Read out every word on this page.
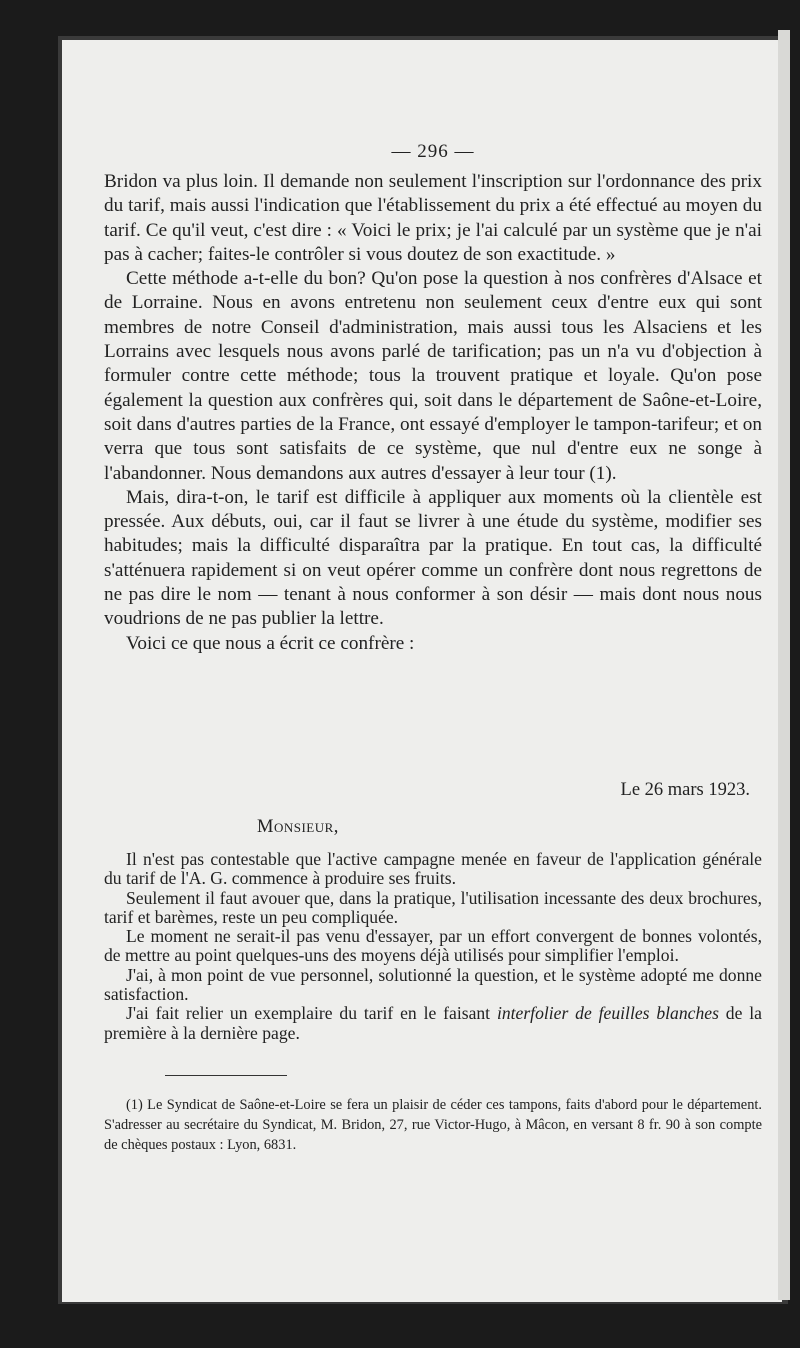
— 296 —

Bridon va plus loin. Il demande non seulement l'inscription sur l'ordonnance des prix du tarif, mais aussi l'indication que l'établissement du prix a été effectué au moyen du tarif. Ce qu'il veut, c'est dire : « Voici le prix; je l'ai calculé par un système que je n'ai pas à cacher; faites-le contrôler si vous doutez de son exactitude. »

Cette méthode a-t-elle du bon? Qu'on pose la question à nos confrères d'Alsace et de Lorraine. Nous en avons entretenu non seulement ceux d'entre eux qui sont membres de notre Conseil d'administration, mais aussi tous les Alsaciens et les Lorrains avec lesquels nous avons parlé de tarification; pas un n'a vu d'objection à formuler contre cette méthode; tous la trouvent pratique et loyale. Qu'on pose également la question aux confrères qui, soit dans le département de Saône-et-Loire, soit dans d'autres parties de la France, ont essayé d'employer le tampon-tarifeur; et on verra que tous sont satisfaits de ce système, que nul d'entre eux ne songe à l'abandonner. Nous demandons aux autres d'essayer à leur tour (1).

Mais, dira-t-on, le tarif est difficile à appliquer aux moments où la clientèle est pressée. Aux débuts, oui, car il faut se livrer à une étude du système, modifier ses habitudes; mais la difficulté disparaîtra par la pratique. En tout cas, la difficulté s'atténuera rapidement si on veut opérer comme un confrère dont nous regrettons de ne pas dire le nom — tenant à nous conformer à son désir — mais dont nous nous voudrions de ne pas publier la lettre.

Voici ce que nous a écrit ce confrère :

Le 26 mars 1923.
Monsieur,

Il n'est pas contestable que l'active campagne menée en faveur de l'application générale du tarif de l'A. G. commence à produire ses fruits.

Seulement il faut avouer que, dans la pratique, l'utilisation incessante des deux brochures, tarif et barèmes, reste un peu compliquée.

Le moment ne serait-il pas venu d'essayer, par un effort convergent de bonnes volontés, de mettre au point quelques-uns des moyens déjà utilisés pour simplifier l'emploi.

J'ai, à mon point de vue personnel, solutionné la question, et le système adopté me donne satisfaction.

J'ai fait relier un exemplaire du tarif en le faisant interfolier de feuilles blanches de la première à la dernière page.

(1) Le Syndicat de Saône-et-Loire se fera un plaisir de céder ces tampons, faits d'abord pour le département. S'adresser au secrétaire du Syndicat, M. Bridon, 27, rue Victor-Hugo, à Mâcon, en versant 8 fr. 90 à son compte de chèques postaux : Lyon, 6831.
